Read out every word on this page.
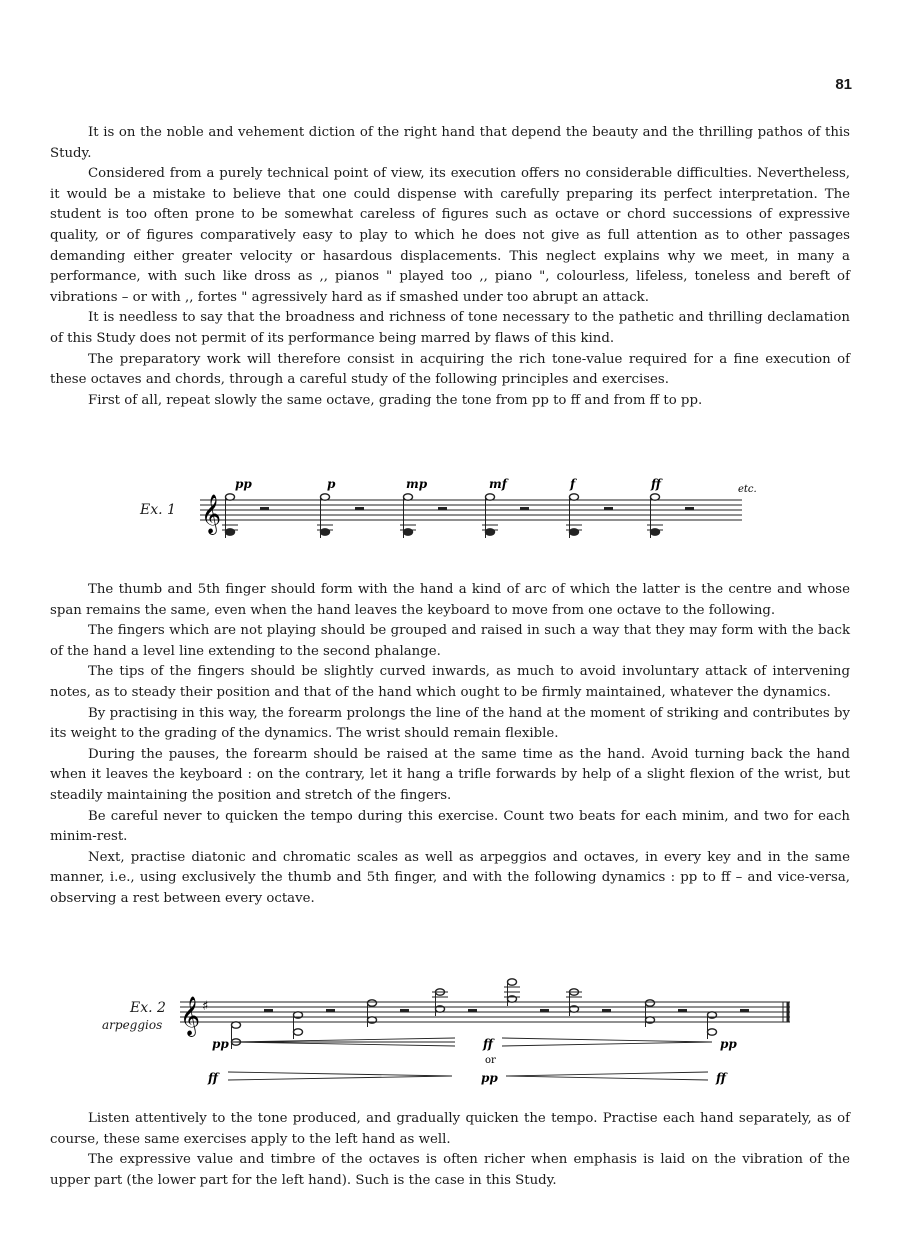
81

It is on the noble and vehement diction of the right hand that depend the beauty and the thrilling pathos of this Study.

Considered from a purely technical point of view, its execution offers no considerable difficulties. Nevertheless, it would be a mistake to believe that one could dispense with carefully preparing its perfect interpretation. The student is too often prone to be somewhat careless of figures such as octave or chord successions of expressive quality, or of figures comparatively easy to play to which he does not give as full attention as to other passages demanding either greater velocity or hasardous displacements. This neglect explains why we meet, in many a performance, with such like dross as ,, pianos " played too ,, piano ", colourless, lifeless, toneless and bereft of vibrations – or with ,, fortes " agressively hard as if smashed under too abrupt an attack.

It is needless to say that the broadness and richness of tone necessary to the pathetic and thrilling declamation of this Study does not permit of its performance being marred by flaws of this kind.

The preparatory work will therefore consist in acquiring the rich tone-value required for a fine execution of these octaves and chords, through a careful study of the following principles and exercises.

First of all, repeat slowly the same octave, grading the tone from pp to ff and from ff to pp.

Ex. 1 𝄞
etc.
pp	p	mp	mf	f	ff

The thumb and 5th finger should form with the hand a kind of arc of which the latter is the centre and whose span remains the same, even when the hand leaves the keyboard to move from one octave to the following.

The fingers which are not playing should be grouped and raised in such a way that they may form with the back of the hand a level line extending to the second phalange.

The tips of the fingers should be slightly curved inwards, as much to avoid involuntary attack of intervening notes, as to steady their position and that of the hand which ought to be firmly maintained, whatever the dynamics.

By practising in this way, the forearm prolongs the line of the hand at the moment of striking and contributes by its weight to the grading of the dynamics. The wrist should remain flexible.

During the pauses, the forearm should be raised at the same time as the hand. Avoid turning back the hand when it leaves the keyboard : on the contrary, let it hang a trifle forwards by help of a slight flexion of the wrist, but steadily maintaining the position and stretch of the fingers.

Be careful never to quicken the tempo during this exercise. Count two beats for each minim, and two for each minim-rest.

Next, practise diatonic and chromatic scales as well as arpeggios and octaves, in every key and in the same manner, i.e., using exclusively the thumb and 5th finger, and with the following dynamics : pp to ff – and vice-versa, observing a rest between every octave.

Ex. 2
arpeggios 𝄞 ♯
pp	ff	pp
ff	pp	ff
or

Listen attentively to the tone produced, and gradually quicken the tempo. Practise each hand separately, as of course, these same exercises apply to the left hand as well.

The expressive value and timbre of the octaves is often richer when emphasis is laid on the vibration of the upper part (the lower part for the left hand). Such is the case in this Study.
